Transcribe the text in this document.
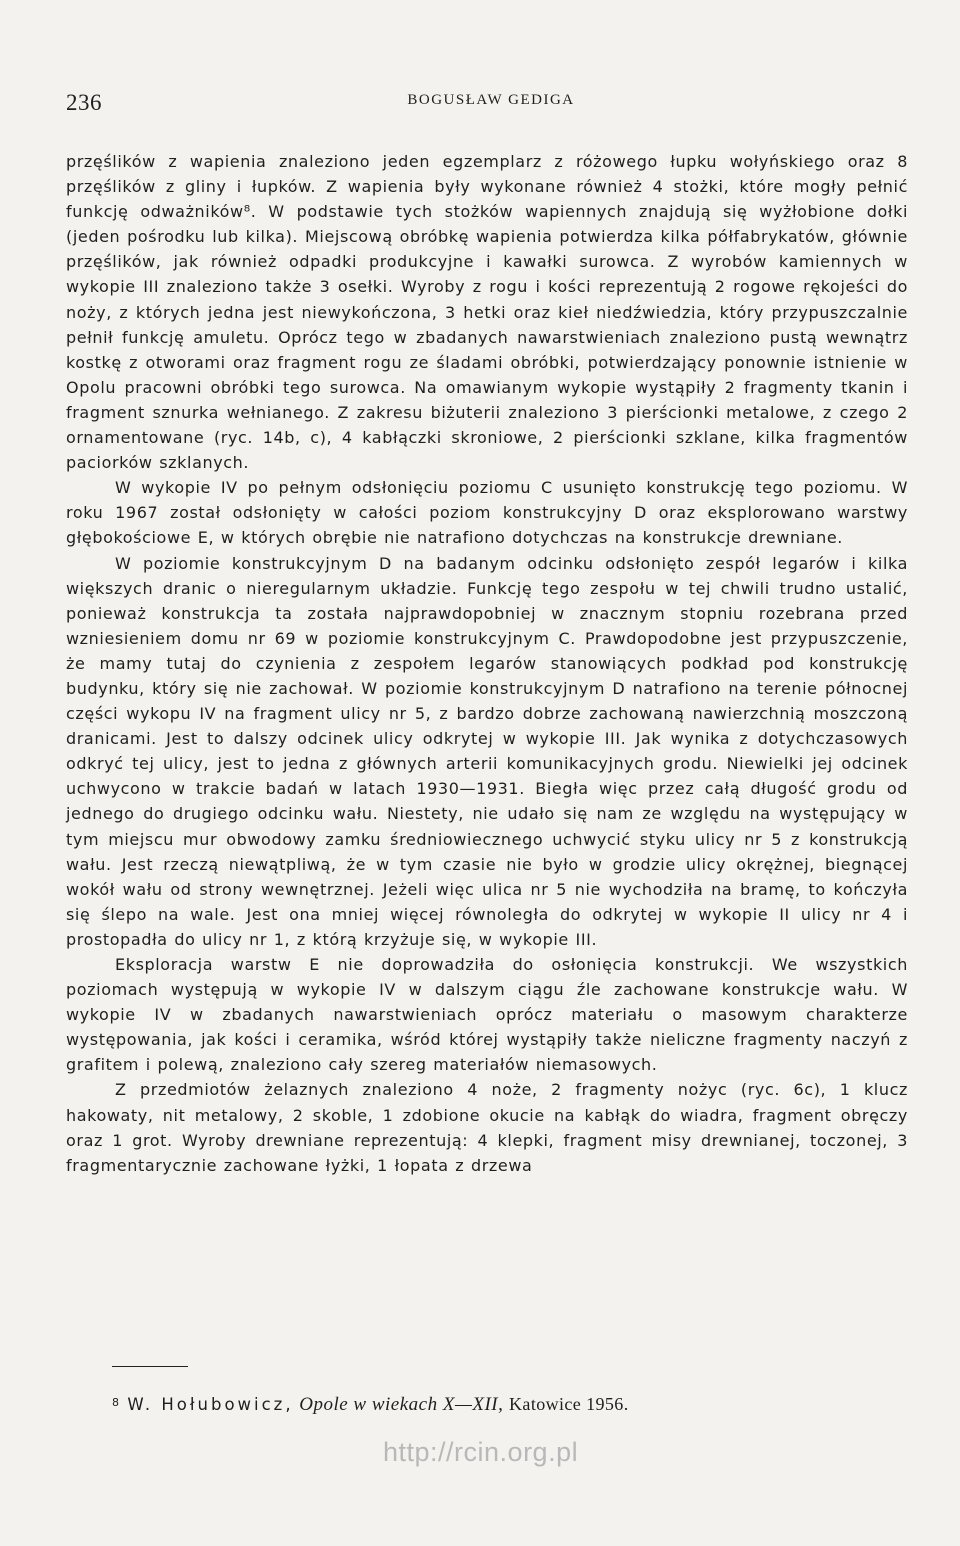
236	BOGUSŁAW GEDIGA

przęślików z wapienia znaleziono jeden egzemplarz z różowego łupku wołyńskiego oraz 8 przęślików z gliny i łupków. Z wapienia były wykonane również 4 stożki, które mogły pełnić funkcję odważników⁸. W podstawie tych stożków wapiennych znajdują się wyżłobione dołki (jeden pośrodku lub kilka). Miejscową obróbkę wapienia potwierdza kilka półfabrykatów, głównie przęślików, jak również odpadki produkcyjne i kawałki surowca. Z wyrobów kamiennych w wykopie III znaleziono także 3 osełki. Wyroby z rogu i kości reprezentują 2 rogowe rękojeści do noży, z których jedna jest niewykończona, 3 hetki oraz kieł niedźwiedzia, który przypuszczalnie pełnił funkcję amuletu. Oprócz tego w zbadanych nawarstwieniach znaleziono pustą wewnątrz kostkę z otworami oraz fragment rogu ze śladami obróbki, potwierdzający ponownie istnienie w Opolu pracowni obróbki tego surowca. Na omawianym wykopie wystąpiły 2 fragmenty tkanin i fragment sznurka wełnianego. Z zakresu biżuterii znaleziono 3 pierścionki metalowe, z czego 2 ornamentowane (ryc. 14b, c), 4 kabłączki skroniowe, 2 pierścionki szklane, kilka fragmentów paciorków szklanych.

W wykopie IV po pełnym odsłonięciu poziomu C usunięto konstrukcję tego poziomu. W roku 1967 został odsłonięty w całości poziom konstrukcyjny D oraz eksplorowano warstwy głębokościowe E, w których obrębie nie natrafiono dotychczas na konstrukcje drewniane.

W poziomie konstrukcyjnym D na badanym odcinku odsłonięto zespół legarów i kilka większych dranic o nieregularnym układzie. Funkcję tego zespołu w tej chwili trudno ustalić, ponieważ konstrukcja ta została najprawdopobniej w znacznym stopniu rozebrana przed wzniesieniem domu nr 69 w poziomie konstrukcyjnym C. Prawdopodobne jest przypuszczenie, że mamy tutaj do czynienia z zespołem legarów stanowiących podkład pod konstrukcję budynku, który się nie zachował. W poziomie konstrukcyjnym D natrafiono na terenie północnej części wykopu IV na fragment ulicy nr 5, z bardzo dobrze zachowaną nawierzchnią moszczoną dranicami. Jest to dalszy odcinek ulicy odkrytej w wykopie III. Jak wynika z dotychczasowych odkryć tej ulicy, jest to jedna z głównych arterii komunikacyjnych grodu. Niewielki jej odcinek uchwycono w trakcie badań w latach 1930—1931. Biegła więc przez całą długość grodu od jednego do drugiego odcinku wału. Niestety, nie udało się nam ze względu na występujący w tym miejscu mur obwodowy zamku średniowiecznego uchwycić styku ulicy nr 5 z konstrukcją wału. Jest rzeczą niewątpliwą, że w tym czasie nie było w grodzie ulicy okrężnej, biegnącej wokół wału od strony wewnętrznej. Jeżeli więc ulica nr 5 nie wychodziła na bramę, to kończyła się ślepo na wale. Jest ona mniej więcej równoległa do odkrytej w wykopie II ulicy nr 4 i prostopadła do ulicy nr 1, z którą krzyżuje się, w wykopie III.

Eksploracja warstw E nie doprowadziła do osłonięcia konstrukcji. We wszystkich poziomach występują w wykopie IV w dalszym ciągu źle zachowane konstrukcje wału. W wykopie IV w zbadanych nawarstwieniach oprócz materiału o masowym charakterze występowania, jak kości i ceramika, wśród której wystąpiły także nieliczne fragmenty naczyń z grafitem i polewą, znaleziono cały szereg materiałów niemasowych.

Z przedmiotów żelaznych znaleziono 4 noże, 2 fragmenty nożyc (ryc. 6c), 1 klucz hakowaty, nit metalowy, 2 skoble, 1 zdobione okucie na kabłąk do wiadra, fragment obręczy oraz 1 grot. Wyroby drewniane reprezentują: 4 klepki, fragment misy drewnianej, toczonej, 3 fragmentarycznie zachowane łyżki, 1 łopata z drzewa

$^8$ W. Hołubowicz, Opole w wiekach X—XII, Katowice 1956.
http://rcin.org.pl
